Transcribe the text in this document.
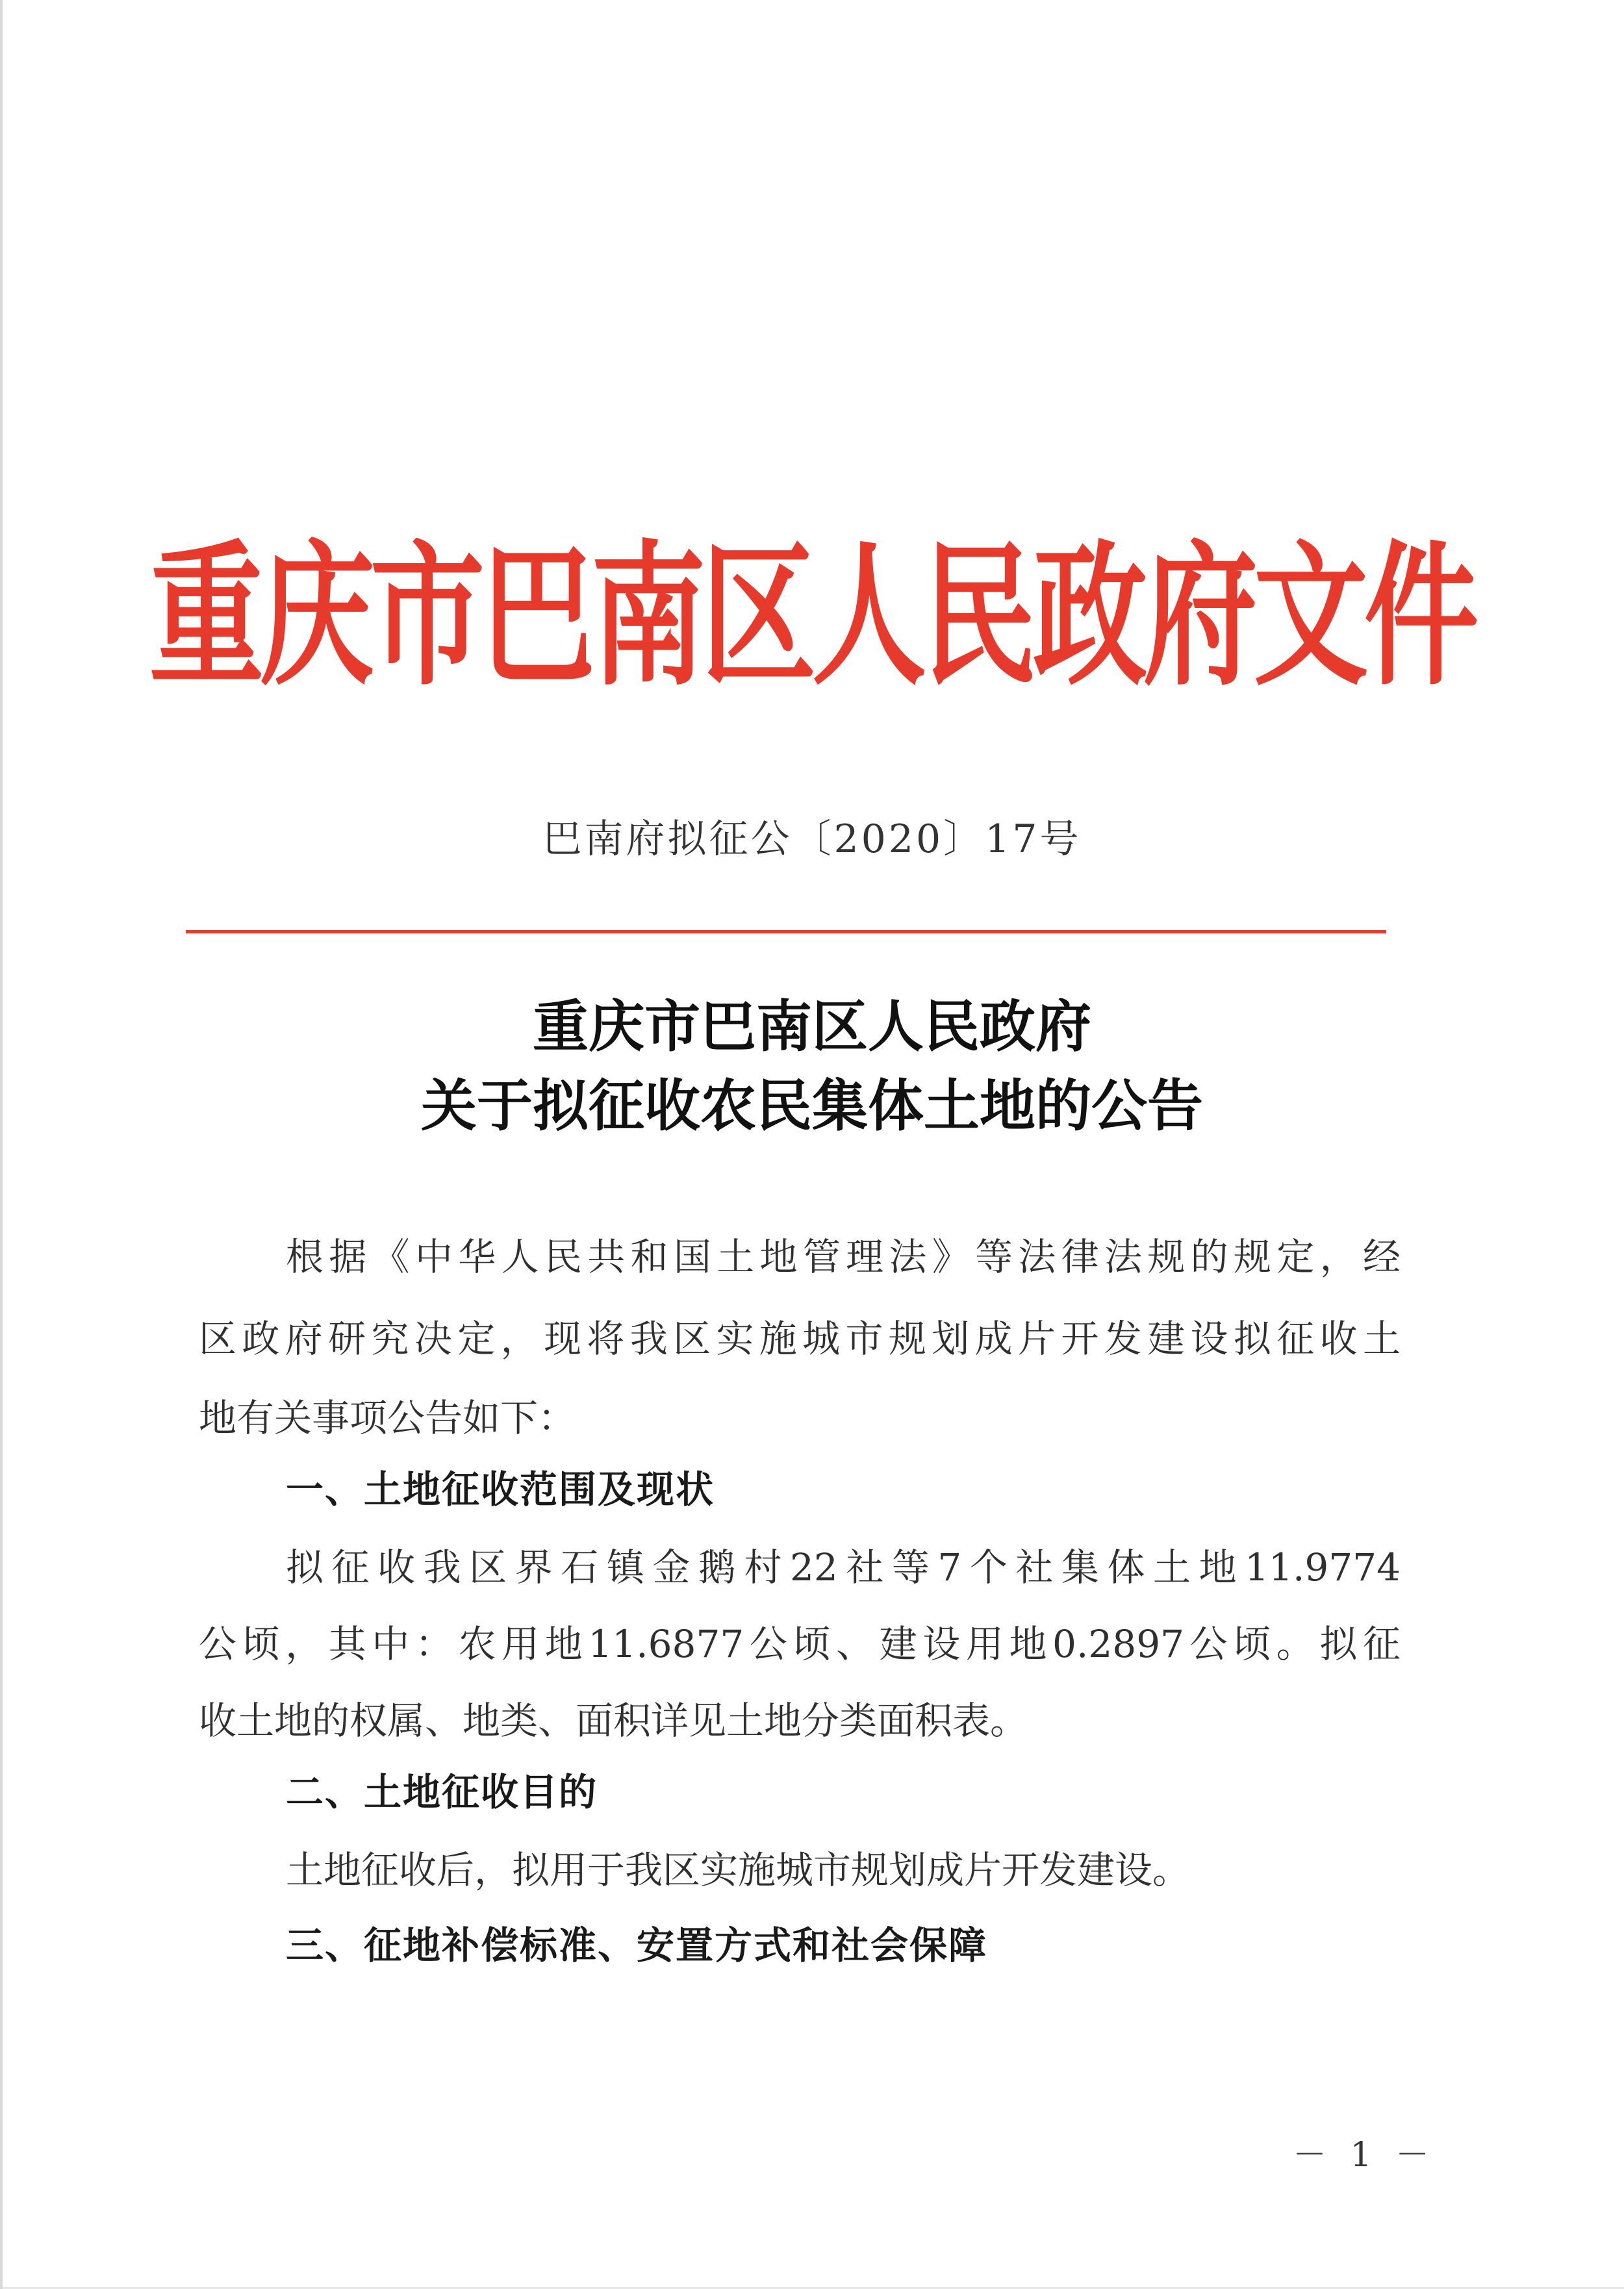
重庆市巴南区人民政府文件
巴南府拟征公〔2020〕17号
重庆市巴南区人民政府
关于拟征收农民集体土地的公告
根据《中华人民共和国土地管理法》等法律法规的规定，经
区政府研究决定，现将我区实施城市规划成片开发建设拟征收土
地有关事项公告如下：
一、土地征收范围及现状
拟征收我区界石镇金鹅村22社等7个社集体土地11.9774
公顷，其中：农用地11.6877公顷、建设用地0.2897公顷。拟征
收土地的权属、地类、面积详见土地分类面积表。
二、土地征收目的
土地征收后，拟用于我区实施城市规划成片开发建设。
三、征地补偿标准、安置方式和社会保障
－ 1 －
